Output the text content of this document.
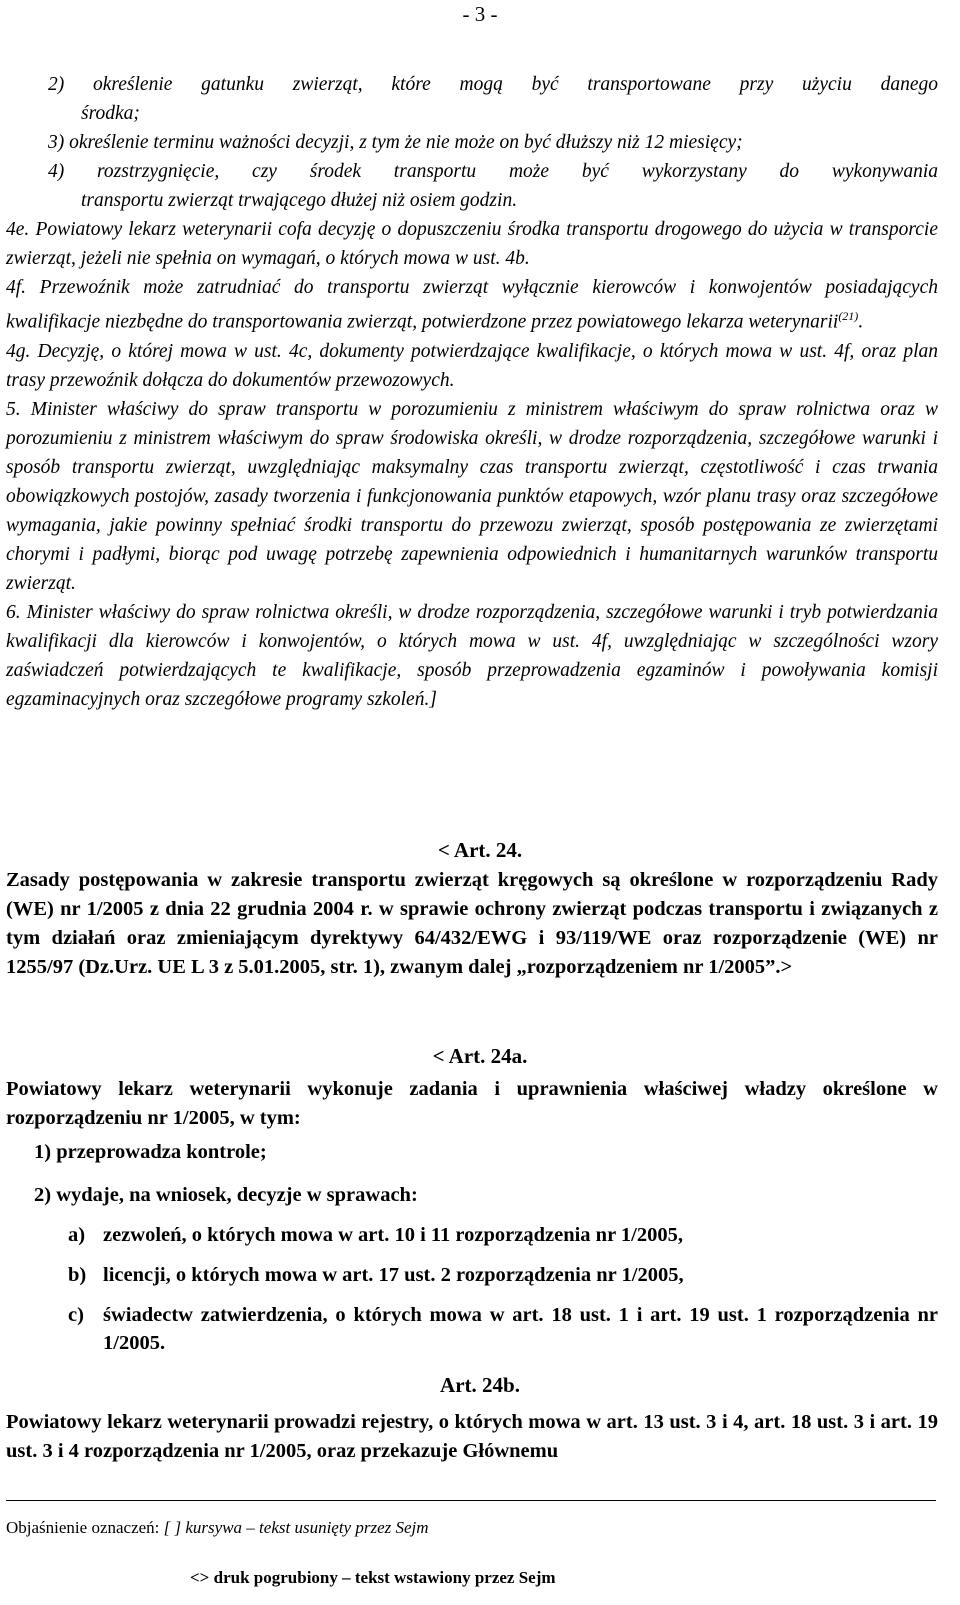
- 3 -
2) określenie gatunku zwierząt, które mogą być transportowane przy użyciu danego
środka;
3) określenie terminu ważności decyzji, z tym że nie może on być dłuższy niż 12 miesięcy;
4) rozstrzygnięcie, czy środek transportu może być wykorzystany do wykonywania
transportu zwierząt trwającego dłużej niż osiem godzin.
4e. Powiatowy lekarz weterynarii cofa decyzję o dopuszczeniu środka transportu drogowego do użycia w transporcie zwierząt, jeżeli nie spełnia on wymagań, o których mowa w ust. 4b.
4f. Przewoźnik może zatrudniać do transportu zwierząt wyłącznie kierowców i konwojentów posiadających kwalifikacje niezbędne do transportowania zwierząt, potwierdzone przez powiatowego lekarza weterynarii$^{(21)}$.
4g. Decyzję, o której mowa w ust. 4c, dokumenty potwierdzające kwalifikacje, o których mowa w ust. 4f, oraz plan trasy przewoźnik dołącza do dokumentów przewozowych.
5. Minister właściwy do spraw transportu w porozumieniu z ministrem właściwym do spraw rolnictwa oraz w porozumieniu z ministrem właściwym do spraw środowiska określi, w drodze rozporządzenia, szczegółowe warunki i sposób transportu zwierząt, uwzględniając maksymalny czas transportu zwierząt, częstotliwość i czas trwania obowiązkowych postojów, zasady tworzenia i funkcjonowania punktów etapowych, wzór planu trasy oraz szczegółowe wymagania, jakie powinny spełniać środki transportu do przewozu zwierząt, sposób postępowania ze zwierzętami chorymi i padłymi, biorąc pod uwagę potrzebę zapewnienia odpowiednich i humanitarnych warunków transportu zwierząt.
6. Minister właściwy do spraw rolnictwa określi, w drodze rozporządzenia, szczegółowe warunki i tryb potwierdzania kwalifikacji dla kierowców i konwojentów, o których mowa w ust. 4f, uwzględniając w szczególności wzory zaświadczeń potwierdzających te kwalifikacje, sposób przeprowadzenia egzaminów i powoływania komisji egzaminacyjnych oraz szczegółowe programy szkoleń.]
< Art. 24.
Zasady postępowania w zakresie transportu zwierząt kręgowych są określone w rozporządzeniu Rady (WE) nr 1/2005 z dnia 22 grudnia 2004 r. w sprawie ochrony zwierząt podczas transportu i związanych z tym działań oraz zmieniającym dyrektywy 64/432/EWG i 93/119/WE oraz rozporządzenie (WE) nr 1255/97 (Dz.Urz. UE L 3 z 5.01.2005, str. 1), zwanym dalej „rozporządzeniem nr 1/2005”.>
< Art. 24a.
Powiatowy lekarz weterynarii wykonuje zadania i uprawnienia właściwej władzy określone w rozporządzeniu nr 1/2005, w tym:
1) przeprowadza kontrole;
2) wydaje, na wniosek, decyzje w sprawach:
a) zezwoleń, o których mowa w art. 10 i 11 rozporządzenia nr 1/2005,
b) licencji, o których mowa w art. 17 ust. 2 rozporządzenia nr 1/2005,
c) świadectw zatwierdzenia, o których mowa w art. 18 ust. 1 i art. 19 ust. 1 rozporządzenia nr 1/2005.
Art. 24b.
Powiatowy lekarz weterynarii prowadzi rejestry, o których mowa w art. 13 ust. 3 i 4, art. 18 ust. 3 i art. 19 ust. 3 i 4 rozporządzenia nr 1/2005, oraz przekazuje Głównemu
Objaśnienie oznaczeń: [ ] kursywa – tekst usunięty przez Sejm
<> druk pogrubiony – tekst wstawiony przez Sejm
